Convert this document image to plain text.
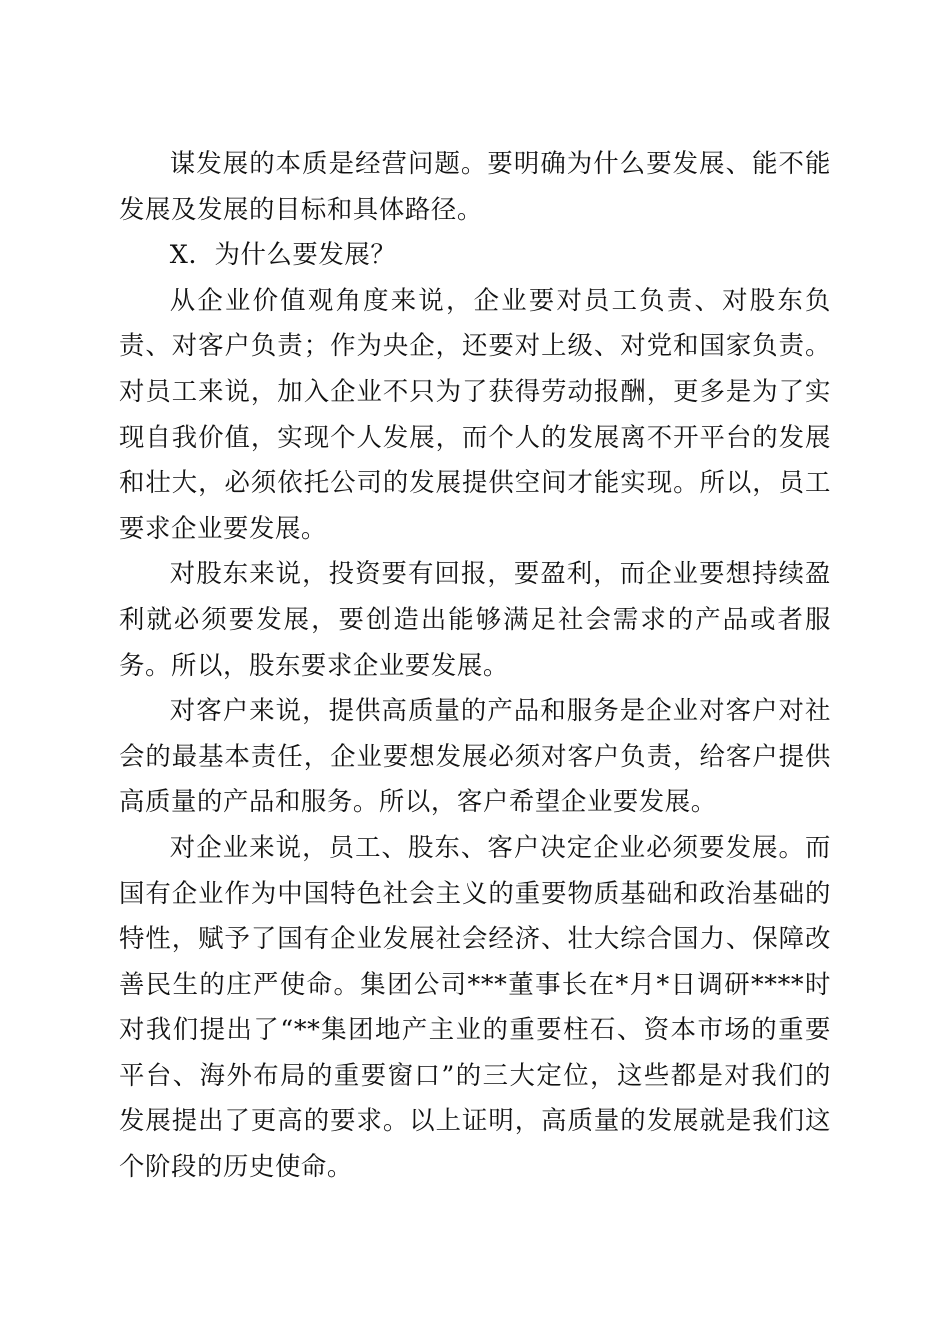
谋发展的本质是经营问题。要明确为什么要发展、能不能发展及发展的目标和具体路径。

X．为什么要发展？

从企业价值观角度来说，企业要对员工负责、对股东负责、对客户负责；作为央企，还要对上级、对党和国家负责。对员工来说，加入企业不只为了获得劳动报酬，更多是为了实现自我价值，实现个人发展，而个人的发展离不开平台的发展和壮大，必须依托公司的发展提供空间才能实现。所以，员工要求企业要发展。

对股东来说，投资要有回报，要盈利，而企业要想持续盈利就必须要发展，要创造出能够满足社会需求的产品或者服务。所以，股东要求企业要发展。

对客户来说，提供高质量的产品和服务是企业对客户对社会的最基本责任，企业要想发展必须对客户负责，给客户提供高质量的产品和服务。所以，客户希望企业要发展。

对企业来说，员工、股东、客户决定企业必须要发展。而国有企业作为中国特色社会主义的重要物质基础和政治基础的特性，赋予了国有企业发展社会经济、壮大综合国力、保障改善民生的庄严使命。集团公司***董事长在*月*日调研****时对我们提出了“**集团地产主业的重要柱石、资本市场的重要平台、海外布局的重要窗口”的三大定位，这些都是对我们的发展提出了更高的要求。以上证明，高质量的发展就是我们这个阶段的历史使命。
